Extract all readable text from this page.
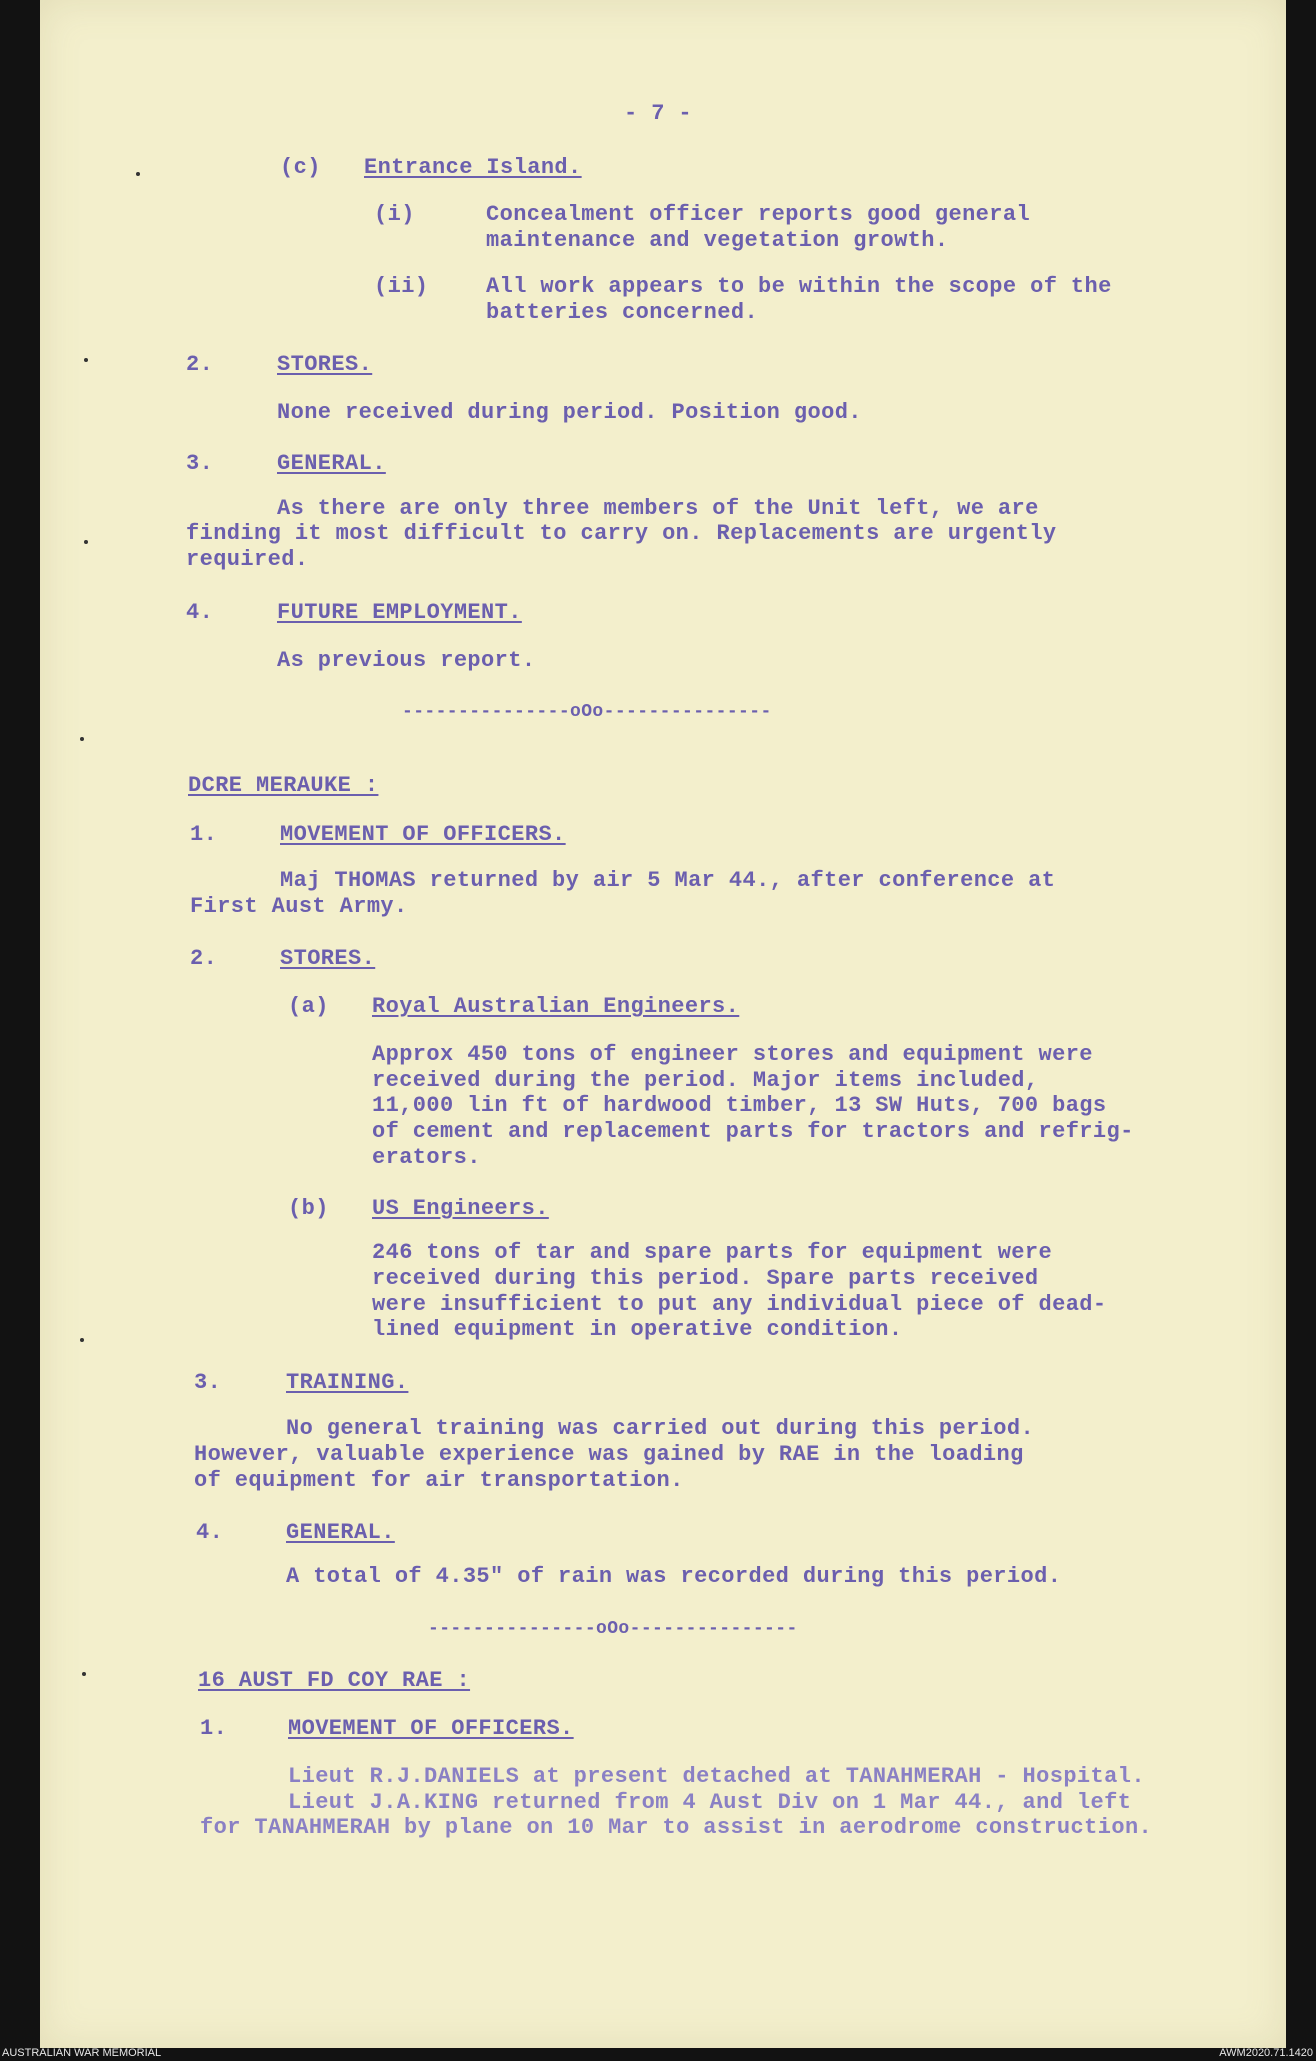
- 7 -
(c) Entrance Island.
(i)	Concealment officer reports good general
maintenance and vegetation growth.
(ii)	All work appears to be within the scope of the
batteries concerned.
2.	STORES.
None received during period. Position good.
3.	GENERAL.
As there are only three members of the Unit left, we are
finding it most difficult to carry on. Replacements are urgently
required.
4.	FUTURE EMPLOYMENT.
As previous report.
---------------oOo---------------
DCRE MERAUKE :
1.	MOVEMENT OF OFFICERS.
Maj THOMAS returned by air 5 Mar 44., after conference at
First Aust Army.
2.	STORES.
(a) Royal Australian Engineers.
Approx 450 tons of engineer stores and equipment were
received during the period. Major items included,
11,000 lin ft of hardwood timber, 13 SW Huts, 700 bags
of cement and replacement parts for tractors and refrig-
erators.
(b) US Engineers.
246 tons of tar and spare parts for equipment were
received during this period. Spare parts received
were insufficient to put any individual piece of dead-
lined equipment in operative condition.
3.	TRAINING.
No general training was carried out during this period.
However, valuable experience was gained by RAE in the loading
of equipment for air transportation.
4.	GENERAL.
A total of 4.35" of rain was recorded during this period.
---------------oOo---------------
16 AUST FD COY RAE :
1.	MOVEMENT OF OFFICERS.
Lieut R.J.DANIELS at present detached at TANAHMERAH - Hospital.
Lieut J.A.KING returned from 4 Aust Div on 1 Mar 44., and left
for TANAHMERAH by plane on 10 Mar to assist in aerodrome construction.
AUSTRALIAN WAR MEMORIAL	AWM2020.71.1420
